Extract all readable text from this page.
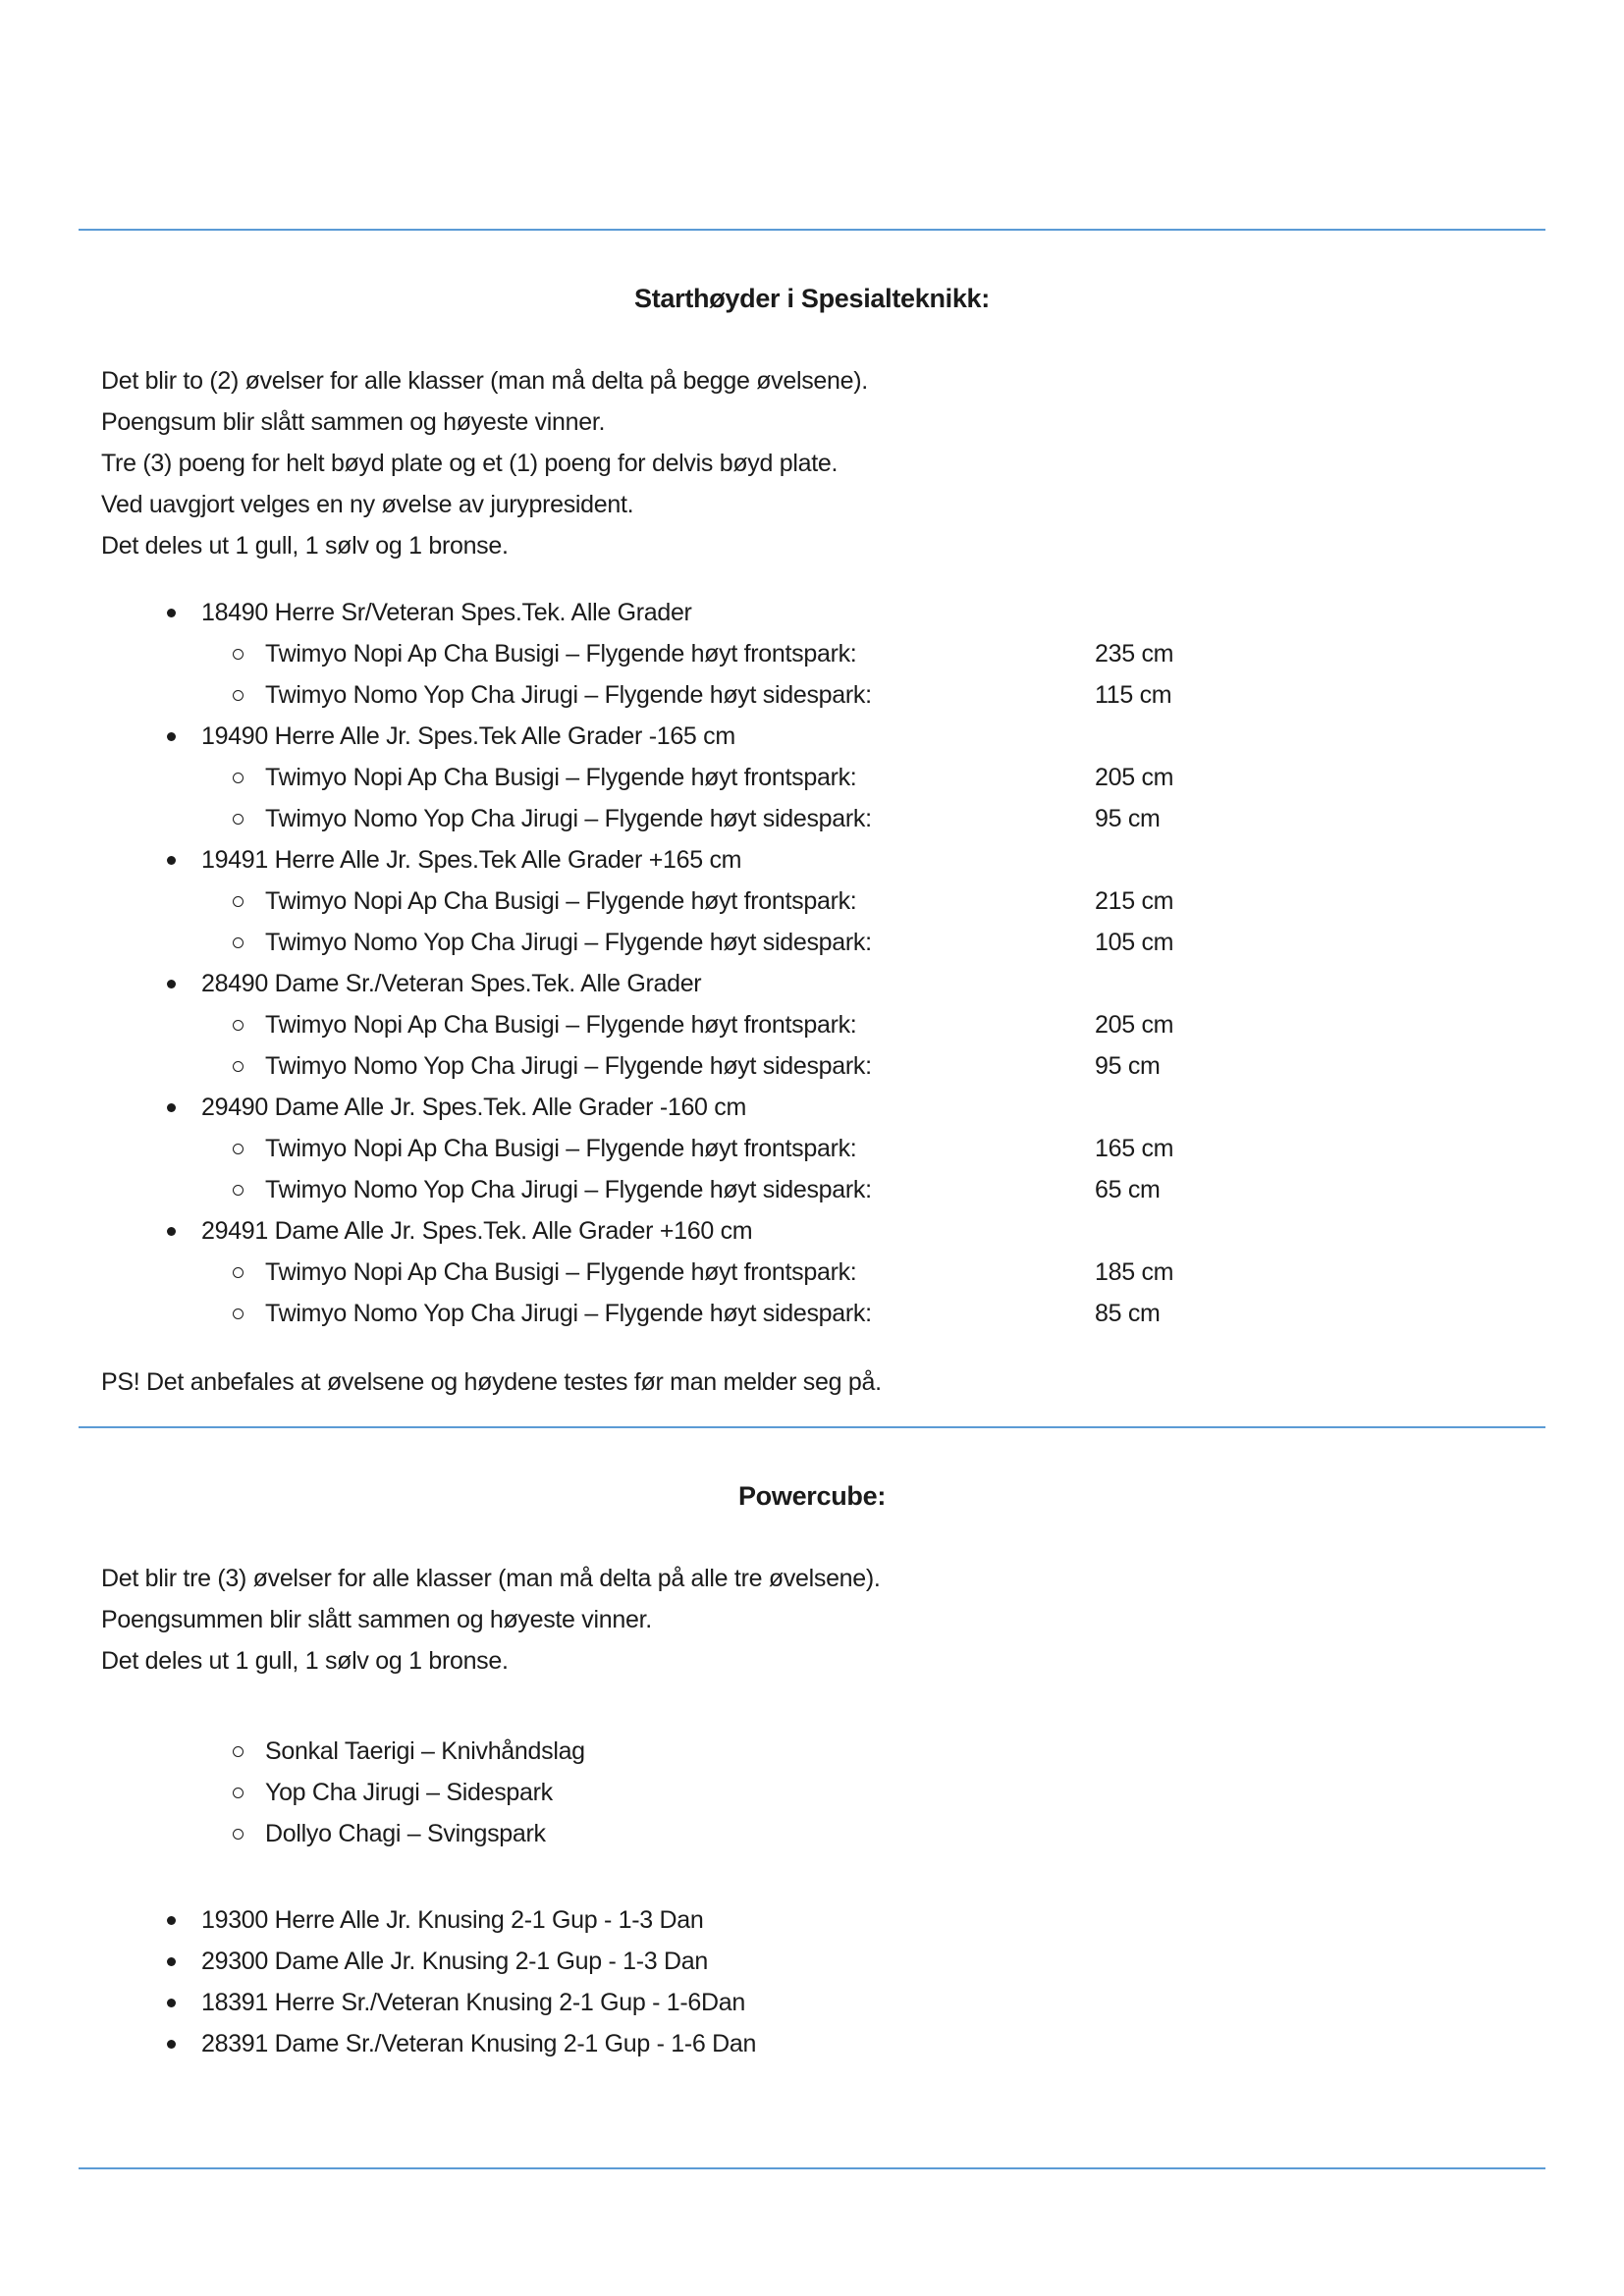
Starthøyder i Spesialteknikk:
Det blir to (2) øvelser for alle klasser (man må delta på begge øvelsene).
Poengsum blir slått sammen og høyeste vinner.
Tre (3) poeng for helt bøyd plate og et (1) poeng for delvis bøyd plate.
Ved uavgjort velges en ny øvelse av jurypresident.
Det deles ut 1 gull, 1 sølv og 1 bronse.
18490 Herre Sr/Veteran Spes.Tek. Alle Grader
Twimyo Nopi Ap Cha Busigi – Flygende høyt frontspark:	235 cm
Twimyo Nomo Yop Cha Jirugi – Flygende høyt sidespark:	115 cm
19490 Herre Alle Jr. Spes.Tek Alle Grader -165 cm
Twimyo Nopi Ap Cha Busigi – Flygende høyt frontspark:	205 cm
Twimyo Nomo Yop Cha Jirugi – Flygende høyt sidespark:	95 cm
19491 Herre Alle Jr. Spes.Tek Alle Grader +165 cm
Twimyo Nopi Ap Cha Busigi – Flygende høyt frontspark:	215 cm
Twimyo Nomo Yop Cha Jirugi – Flygende høyt sidespark:	105 cm
28490 Dame Sr./Veteran Spes.Tek. Alle Grader
Twimyo Nopi Ap Cha Busigi – Flygende høyt frontspark:	205 cm
Twimyo Nomo Yop Cha Jirugi – Flygende høyt sidespark:	95 cm
29490 Dame Alle Jr. Spes.Tek. Alle Grader -160 cm
Twimyo Nopi Ap Cha Busigi – Flygende høyt frontspark:	165 cm
Twimyo Nomo Yop Cha Jirugi – Flygende høyt sidespark:	65 cm
29491 Dame Alle Jr. Spes.Tek. Alle Grader +160 cm
Twimyo Nopi Ap Cha Busigi – Flygende høyt frontspark:	185 cm
Twimyo Nomo Yop Cha Jirugi – Flygende høyt sidespark:	85 cm
PS! Det anbefales at øvelsene og høydene testes før man melder seg på.
Powercube:
Det blir tre (3) øvelser for alle klasser (man må delta på alle tre øvelsene).
Poengsummen blir slått sammen og høyeste vinner.
Det deles ut 1 gull, 1 sølv og 1 bronse.
Sonkal Taerigi – Knivhåndslag
Yop Cha Jirugi – Sidespark
Dollyo Chagi – Svingspark
19300 Herre Alle Jr. Knusing 2-1 Gup - 1-3 Dan
29300 Dame Alle Jr. Knusing 2-1 Gup - 1-3 Dan
18391 Herre Sr./Veteran Knusing 2-1 Gup - 1-6Dan
28391 Dame Sr./Veteran Knusing 2-1 Gup - 1-6 Dan
